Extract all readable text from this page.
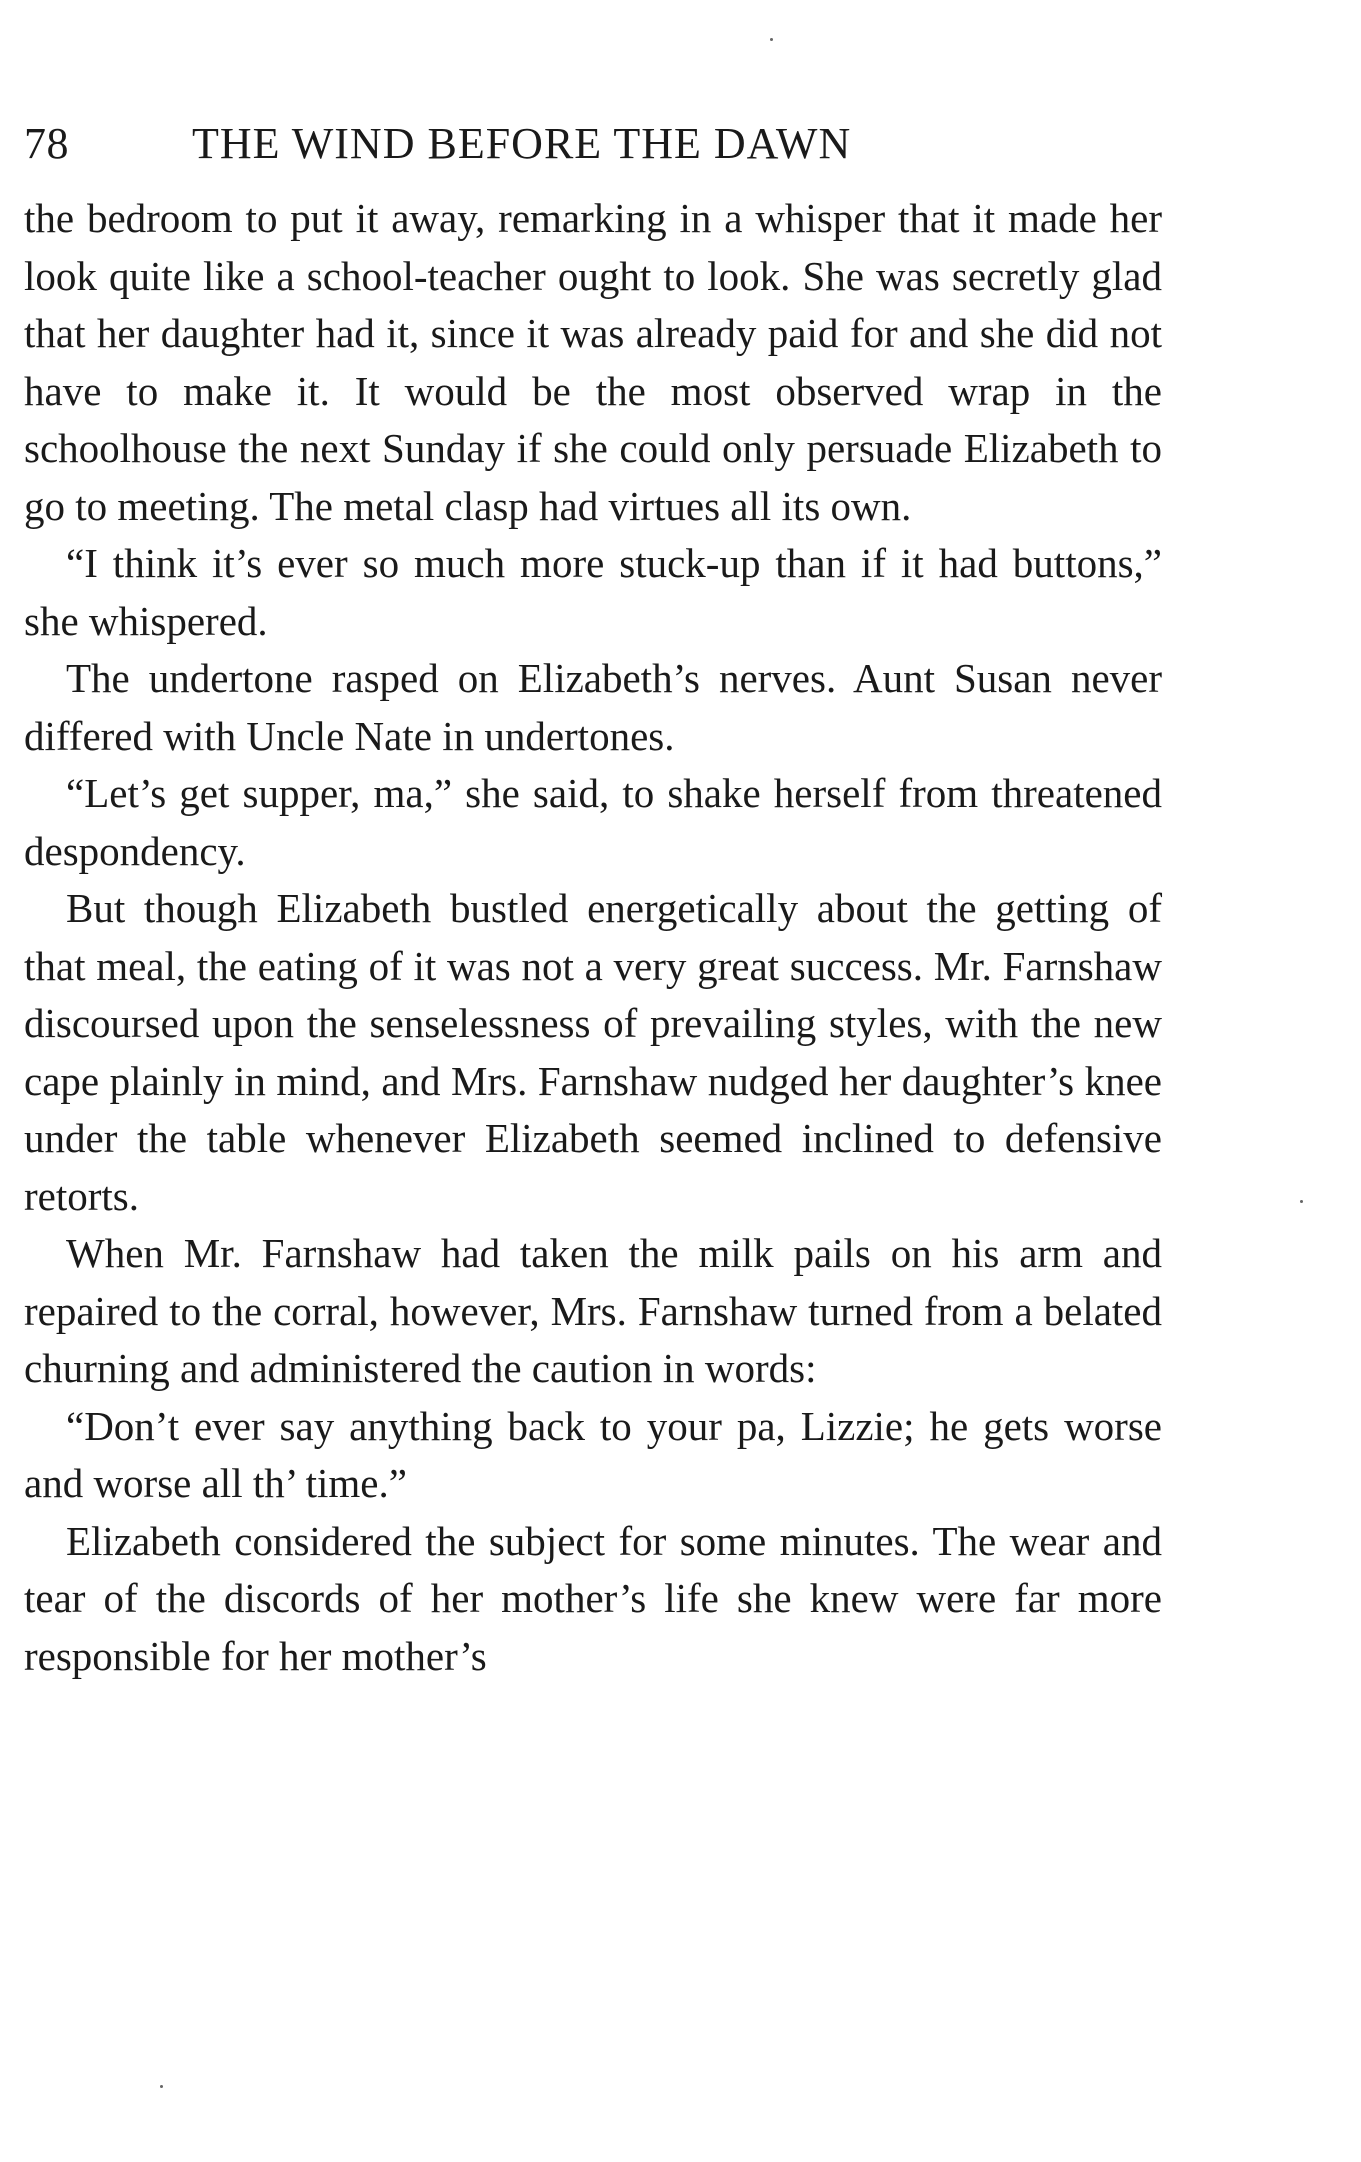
78	THE WIND BEFORE THE DAWN

the bedroom to put it away, remarking in a whisper that it made her look quite like a school-teacher ought to look. She was secretly glad that her daughter had it, since it was already paid for and she did not have to make it. It would be the most observed wrap in the schoolhouse the next Sunday if she could only persuade Elizabeth to go to meeting. The metal clasp had virtues all its own.

“I think it’s ever so much more stuck-up than if it had buttons,” she whispered.

The undertone rasped on Elizabeth’s nerves. Aunt Susan never differed with Uncle Nate in undertones.

“Let’s get supper, ma,” she said, to shake herself from threatened despondency.

But though Elizabeth bustled energetically about the getting of that meal, the eating of it was not a very great success. Mr. Farnshaw discoursed upon the senselessness of prevailing styles, with the new cape plainly in mind, and Mrs. Farnshaw nudged her daughter’s knee under the table whenever Elizabeth seemed inclined to defensive retorts.

When Mr. Farnshaw had taken the milk pails on his arm and repaired to the corral, however, Mrs. Farnshaw turned from a belated churning and administered the caution in words:

“Don’t ever say anything back to your pa, Lizzie; he gets worse and worse all th’ time.”

Elizabeth considered the subject for some minutes. The wear and tear of the discords of her mother’s life she knew were far more responsible for her mother’s
